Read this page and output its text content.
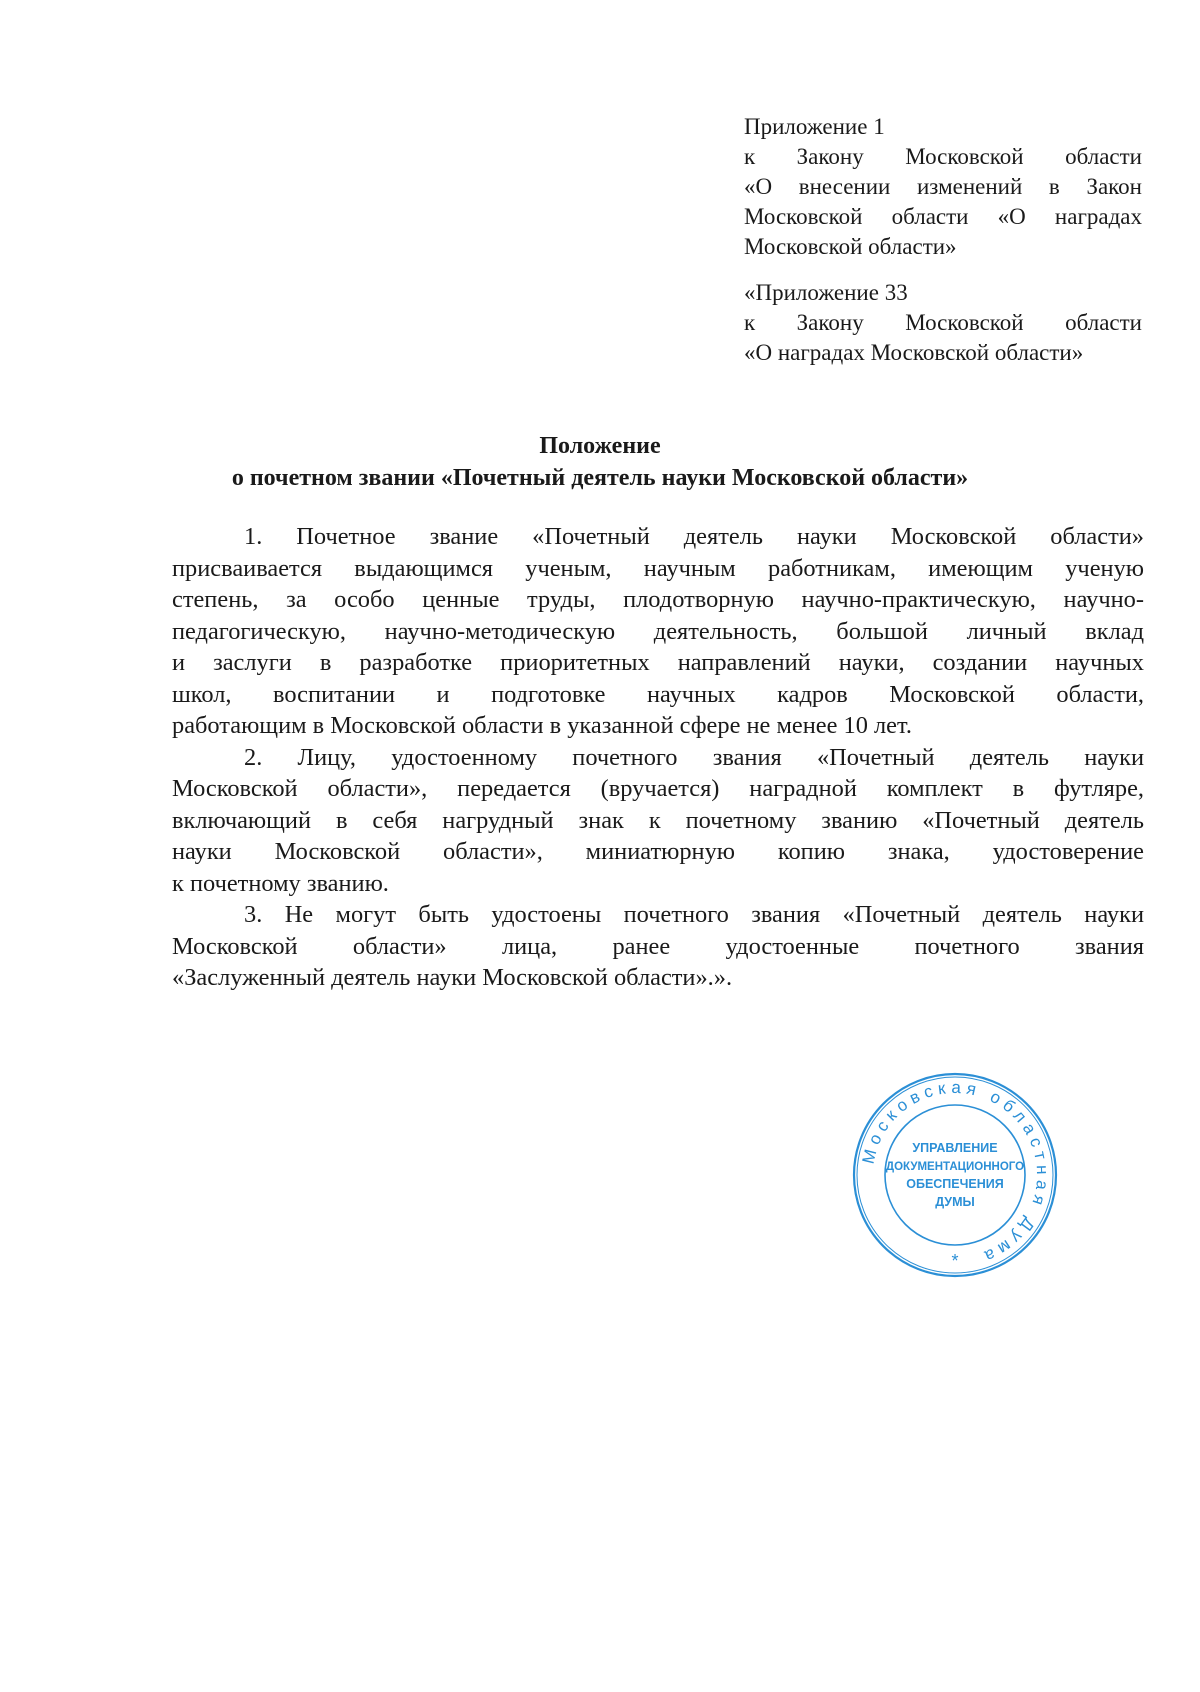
Приложение 1
к Закону Московской области
«О внесении изменений в Закон
Московской области «О наградах
Московской области»
«Приложение 33
к Закону Московской области
«О наградах Московской области»
Положение
о почетном звании «Почетный деятель науки Московской области»
1. Почетное звание «Почетный деятель науки Московской области»
присваивается выдающимся ученым, научным работникам, имеющим ученую
степень, за особо ценные труды, плодотворную научно-практическую, научно-
педагогическую, научно-методическую деятельность, большой личный вклад
и заслуги в разработке приоритетных направлений науки, создании научных
школ, воспитании и подготовке научных кадров Московской области,
работающим в Московской области в указанной сфере не менее 10 лет.
2. Лицу, удостоенному почетного звания «Почетный деятель науки
Московской области», передается (вручается) наградной комплект в футляре,
включающий в себя нагрудный знак к почетному званию «Почетный деятель
науки Московской области», миниатюрную копию знака, удостоверение
к почетному званию.
3. Не могут быть удостоены почетного звания «Почетный деятель науки
Московской области» лица, ранее удостоенные почетного звания
«Заслуженный деятель науки Московской области».».
Московская областная Дума
УПРАВЛЕНИЕ
ДОКУМЕНТАЦИОННОГО
ОБЕСПЕЧЕНИЯ
ДУМЫ
*
